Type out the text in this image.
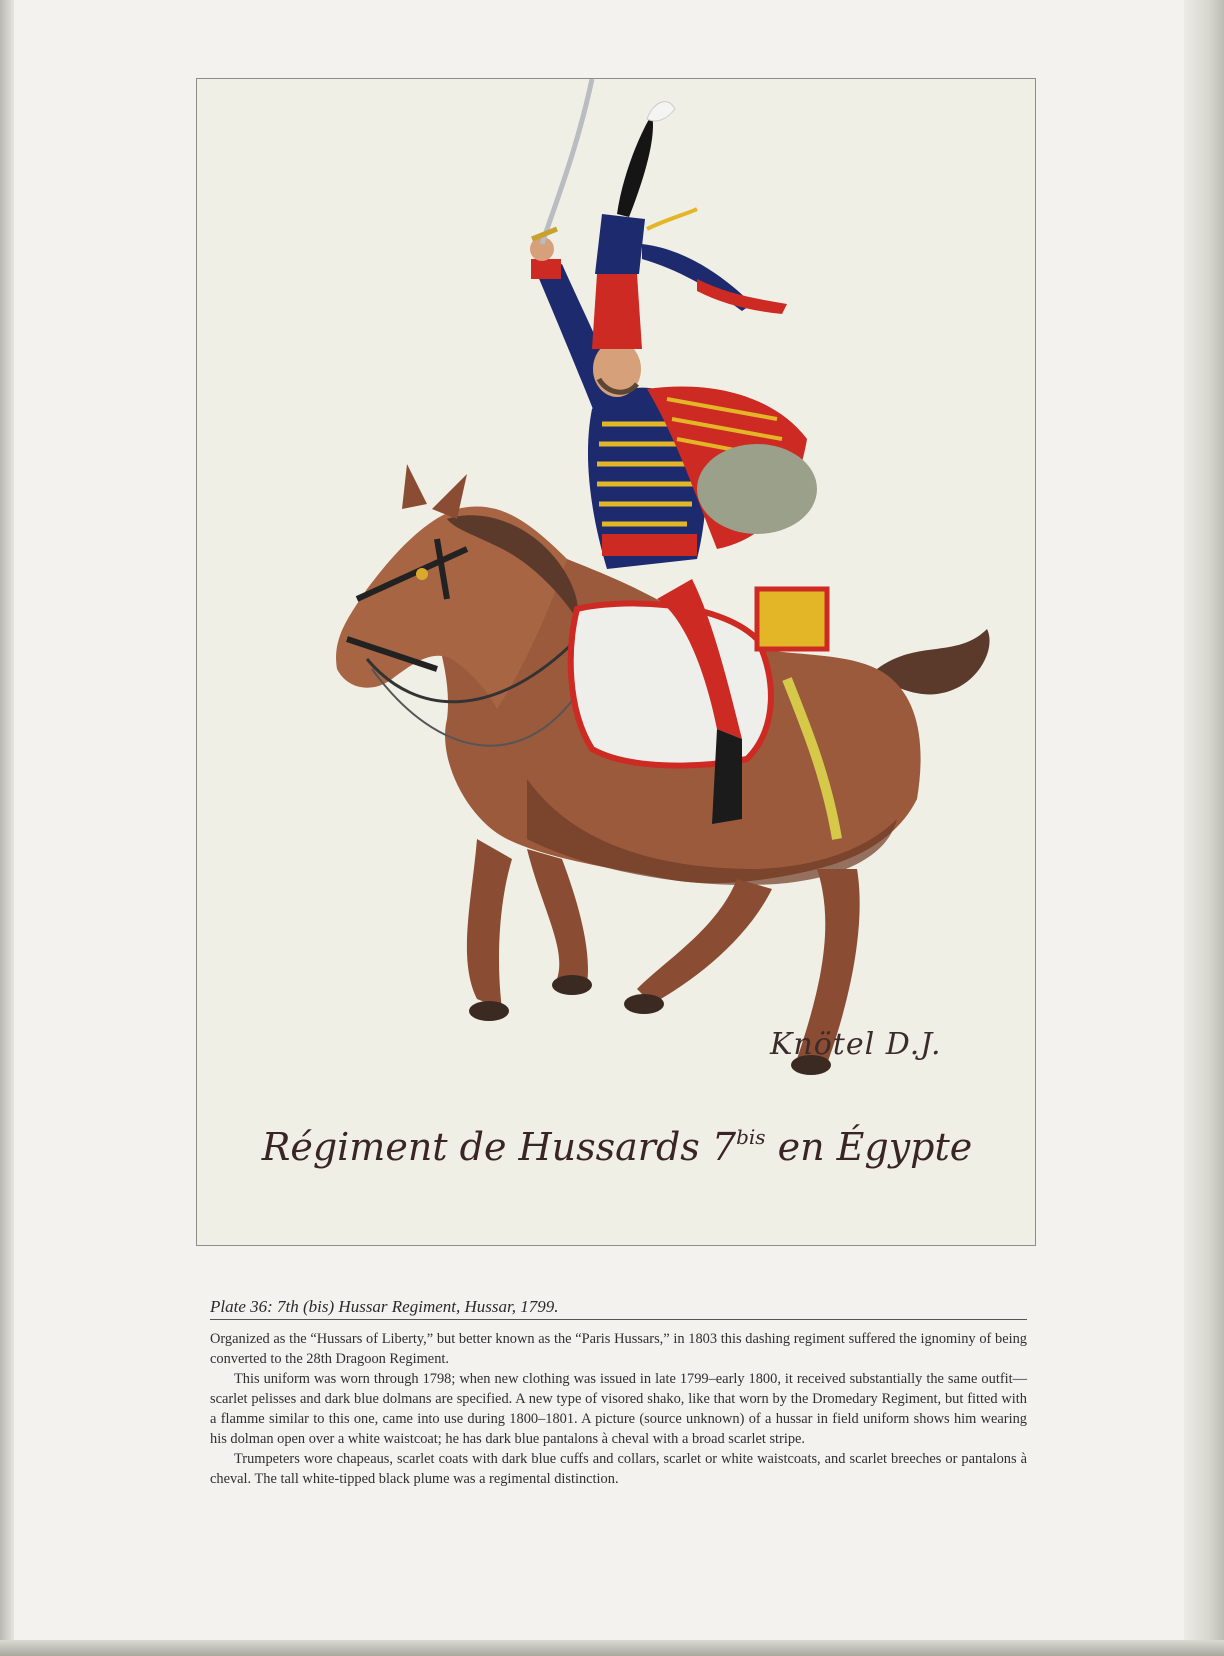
Knötel D.J.
Régiment de Hussards $7^{bis}$ en Égypte
Plate 36: 7th (bis) Hussar Regiment, Hussar, 1799.

Organized as the “Hussars of Liberty,” but better known as the “Paris Hussars,” in 1803 this dashing regiment suffered the ignominy of being converted to the 28th Dragoon Regiment.

This uniform was worn through 1798; when new clothing was issued in late 1799–early 1800, it received substantially the same outfit—scarlet pelisses and dark blue dolmans are specified. A new type of visored shako, like that worn by the Dromedary Regiment, but fitted with a flamme similar to this one, came into use during 1800–1801. A picture (source unknown) of a hussar in field uniform shows him wearing his dolman open over a white waistcoat; he has dark blue pantalons à cheval with a broad scarlet stripe.

Trumpeters wore chapeaus, scarlet coats with dark blue cuffs and collars, scarlet or white waistcoats, and scarlet breeches or pantalons à cheval. The tall white-tipped black plume was a regimental distinction.
